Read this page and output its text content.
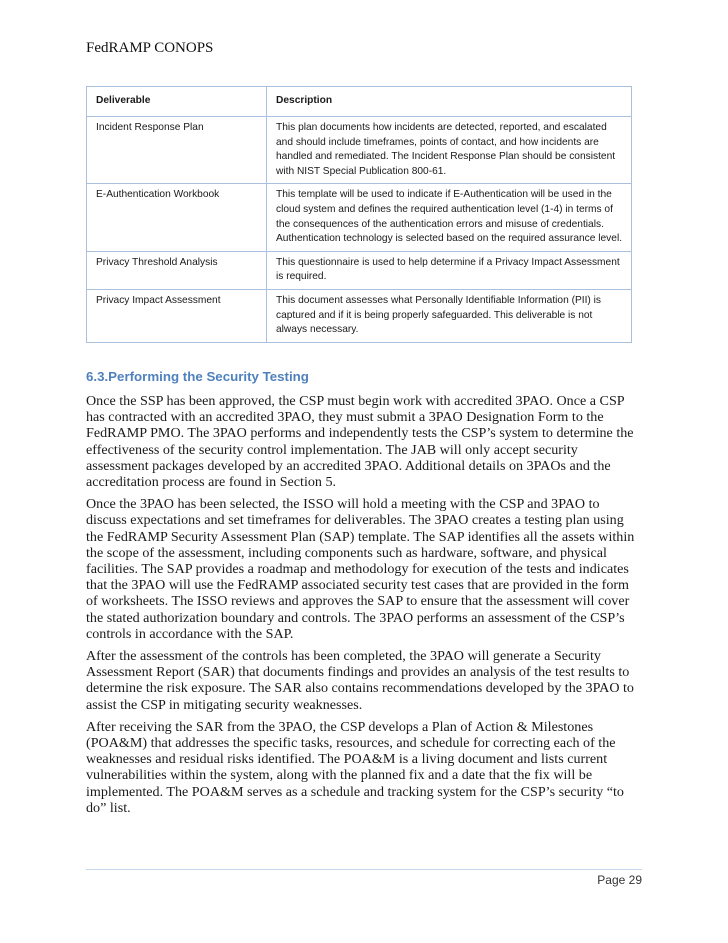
FedRAMP CONOPS
Deliverable	Description
Incident Response Plan	This plan documents how incidents are detected, reported, and escalated and should include timeframes, points of contact, and how incidents are handled and remediated. The Incident Response Plan should be consistent with NIST Special Publication 800-61.
E-Authentication Workbook	This template will be used to indicate if E-Authentication will be used in the cloud system and defines the required authentication level (1-4) in terms of the consequences of the authentication errors and misuse of credentials. Authentication technology is selected based on the required assurance level.
Privacy Threshold Analysis	This questionnaire is used to help determine if a Privacy Impact Assessment is required.
Privacy Impact Assessment	This document assesses what Personally Identifiable Information (PII) is captured and if it is being properly safeguarded. This deliverable is not always necessary.
6.3.Performing the Security Testing

Once the SSP has been approved, the CSP must begin work with accredited 3PAO. Once a CSP has contracted with an accredited 3PAO, they must submit a 3PAO Designation Form to the FedRAMP PMO. The 3PAO performs and independently tests the CSP’s system to determine the effectiveness of the security control implementation. The JAB will only accept security assessment packages developed by an accredited 3PAO. Additional details on 3PAOs and the accreditation process are found in Section 5.

Once the 3PAO has been selected, the ISSO will hold a meeting with the CSP and 3PAO to discuss expectations and set timeframes for deliverables. The 3PAO creates a testing plan using the FedRAMP Security Assessment Plan (SAP) template. The SAP identifies all the assets within the scope of the assessment, including components such as hardware, software, and physical facilities. The SAP provides a roadmap and methodology for execution of the tests and indicates that the 3PAO will use the FedRAMP associated security test cases that are provided in the form of worksheets. The ISSO reviews and approves the SAP to ensure that the assessment will cover the stated authorization boundary and controls. The 3PAO performs an assessment of the CSP’s controls in accordance with the SAP.

After the assessment of the controls has been completed, the 3PAO will generate a Security Assessment Report (SAR) that documents findings and provides an analysis of the test results to determine the risk exposure. The SAR also contains recommendations developed by the 3PAO to assist the CSP in mitigating security weaknesses.

After receiving the SAR from the 3PAO, the CSP develops a Plan of Action & Milestones (POA&M) that addresses the specific tasks, resources, and schedule for correcting each of the weaknesses and residual risks identified. The POA&M is a living document and lists current vulnerabilities within the system, along with the planned fix and a date that the fix will be implemented. The POA&M serves as a schedule and tracking system for the CSP’s security “to do” list.

Page 29
